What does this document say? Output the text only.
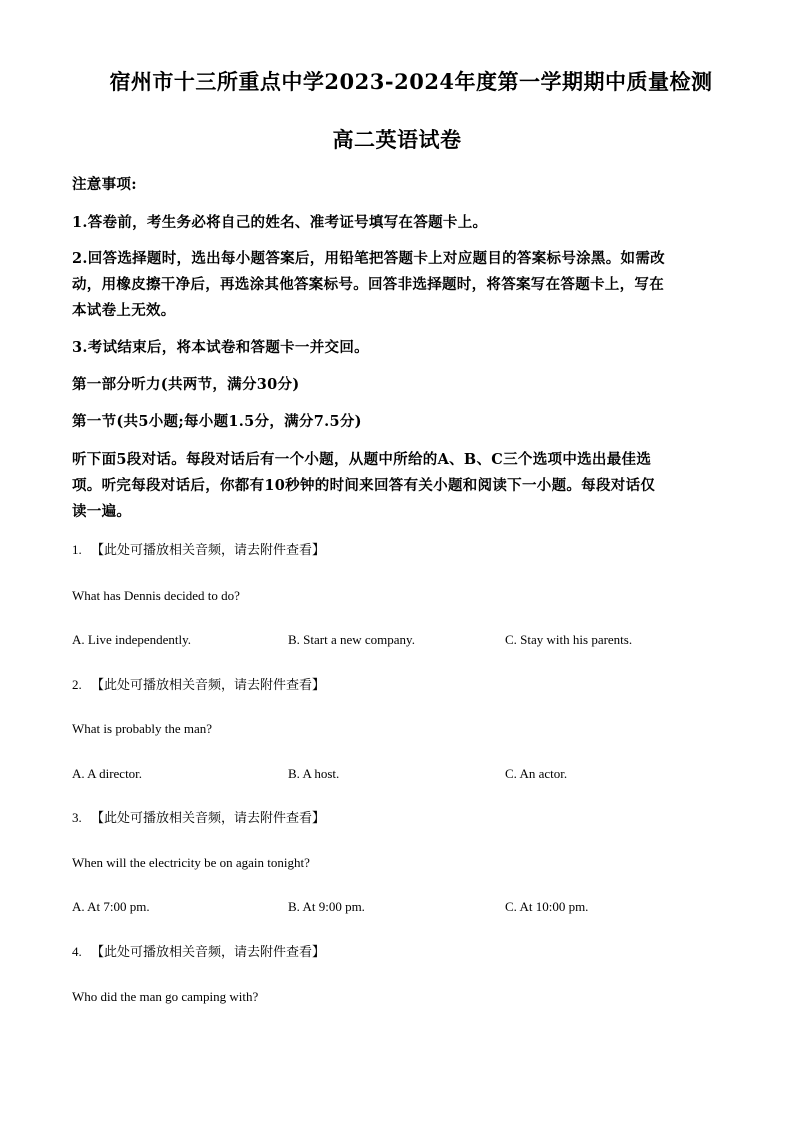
宿州市十三所重点中学2023-2024年度第一学期期中质量检测
高二英语试卷
注意事项:
1.答卷前，考生务必将自己的姓名、准考证号填写在答题卡上。
2.回答选择题时，选出每小题答案后，用铅笔把答题卡上对应题目的答案标号涂黑。如需改
动，用橡皮擦干净后，再选涂其他答案标号。回答非选择题时，将答案写在答题卡上，写在
本试卷上无效。
3.考试结束后，将本试卷和答题卡一并交回。
第一部分听力(共两节，满分30分)
第一节(共5小题;每小题1.5分，满分7.5分)
听下面5段对话。每段对话后有一个小题，从题中所给的A、B、C三个选项中选出最佳选
项。听完每段对话后，你都有10秒钟的时间来回答有关小题和阅读下一小题。每段对话仅
读一遍。
1. 【此处可播放相关音频，请去附件查看】
What has Dennis decided to do?
A. Live independently.	B. Start a new company.	C. Stay with his parents.
2. 【此处可播放相关音频，请去附件查看】
What is probably the man?
A. A director.	B. A host.	C. An actor.
3. 【此处可播放相关音频，请去附件查看】
When will the electricity be on again tonight?
A. At 7:00 pm.	B. At 9:00 pm.	C. At 10:00 pm.
4. 【此处可播放相关音频，请去附件查看】
Who did the man go camping with?
